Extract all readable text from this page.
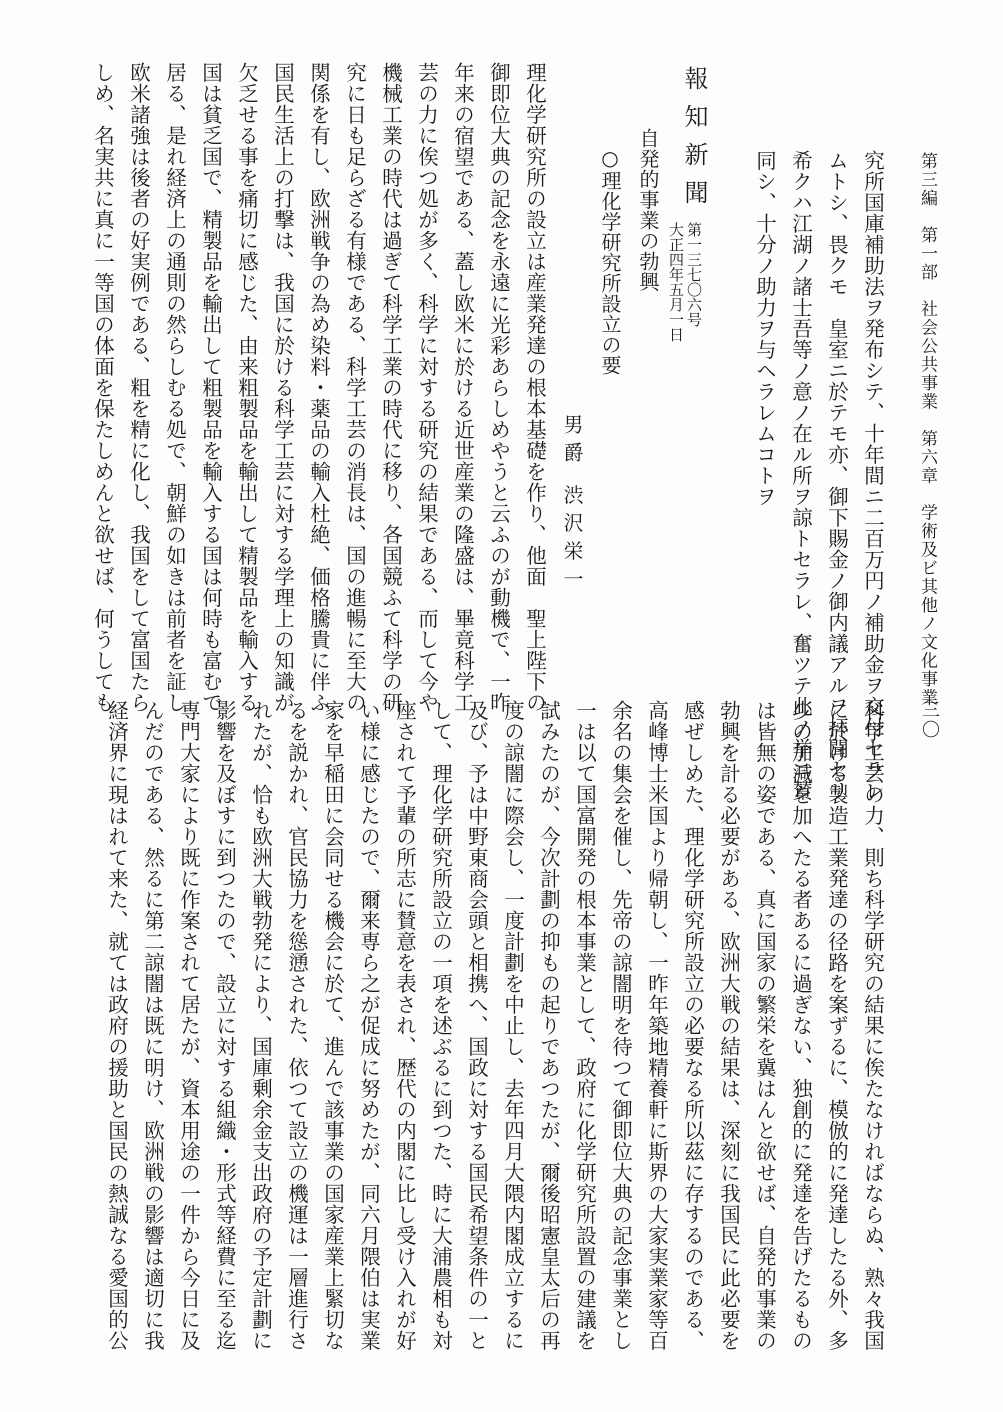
第三編　第一部　社会公共事業　第六章　学術及ビ其他ノ文化事業
三〇
究所国庫補助法ヲ発布シテ、十年間ニ二百万円ノ補助金ヲ交付セラレ
ムトシ、畏クモ　皇室ニ於テモ亦、御下賜金ノ御内議アルヲ拝聞セリ
希クハ江湖ノ諸士吾等ノ意ノ在ル所ヲ諒トセラレ、奮ツテ此ノ挙ニ賛
同シ、十分ノ助力ヲ与ヘラレムコトヲ
報知新聞
第一三七〇六号
大正四年五月一日
自発的事業の勃興
○理化学研究所設立の要
男爵 渋沢栄一
理化学研究所の設立は産業発達の根本基礎を作り、他面　聖上陛下の
御即位大典の記念を永遠に光彩あらしめやうと云ふのが動機で、一昨
年来の宿望である、蓋し欧米に於ける近世産業の隆盛は、畢竟科学工
芸の力に俟つ処が多く、科学に対する研究の結果である、而して今や
機械工業の時代は過ぎて科学工業の時代に移り、各国競ふて科学の研
究に日も足らざる有様である、科学工芸の消長は、国の進暢に至大の
関係を有し、欧洲戦争の為め染料・薬品の輸入杜絶、価格騰貴に伴ふ
国民生活上の打撃は、我国に於ける科学工芸に対する学理上の知識が
欠乏せる事を痛切に感じた、由来粗製品を輸出して精製品を輸入する
国は貧乏国で、精製品を輸出して粗製品を輸入する国は何時も富むで
居る、是れ経済上の通則の然らしむる処で、朝鮮の如きは前者を証し
欧米諸強は後者の好実例である、粗を精に化し、我国をして富国たら
しめ、名実共に真に一等国の体面を保たしめんと欲せば、何うしても
科学工芸の力、則ち科学研究の結果に俟たなければならぬ、熟々我国
に於ける製造工業発達の径路を案ずるに、模倣的に発達したる外、多
少の加減を加へたる者あるに過ぎない、独創的に発達を告げたるもの
は皆無の姿である、真に国家の繁栄を冀はんと欲せば、自発的事業の
勃興を計る必要がある、欧洲大戦の結果は、深刻に我国民に此必要を
感ぜしめた、理化学研究所設立の必要なる所以茲に存するのである、
高峰博士米国より帰朝し、一昨年築地精養軒に斯界の大家実業家等百
余名の集会を催し、先帝の諒闇明を待つて御即位大典の記念事業とし
一は以て国富開発の根本事業として、政府に化学研究所設置の建議を
試みたのが、今次計劃の抑もの起りであつたが、爾後昭憲皇太后の再
度の諒闇に際会し、一度計劃を中止し、去年四月大隈内閣成立するに
及び、予は中野東商会頭と相携へ、国政に対する国民希望条件の一と
して、理化学研究所設立の一項を述ぶるに到つた、時に大浦農相も対
座されて予輩の所志に賛意を表され、歴代の内閣に比し受け入れが好
い様に感じたので、爾来専ら之が促成に努めたが、同六月隈伯は実業
家を早稲田に会同せる機会に於て、進んで該事業の国家産業上緊切な
るを説かれ、官民協力を慫慂された、依つて設立の機運は一層進行さ
れたが、恰も欧洲大戦勃発により、国庫剰余金支出政府の予定計劃に
影響を及ぼすに到つたので、設立に対する組織・形式等経費に至る迄
専門大家により既に作案されて居たが、資本用途の一件から今日に及
んだのである、然るに第二諒闇は既に明け、欧洲戦の影響は適切に我
経済界に現はれて来た、就ては政府の援助と国民の熱誠なる愛国的公
